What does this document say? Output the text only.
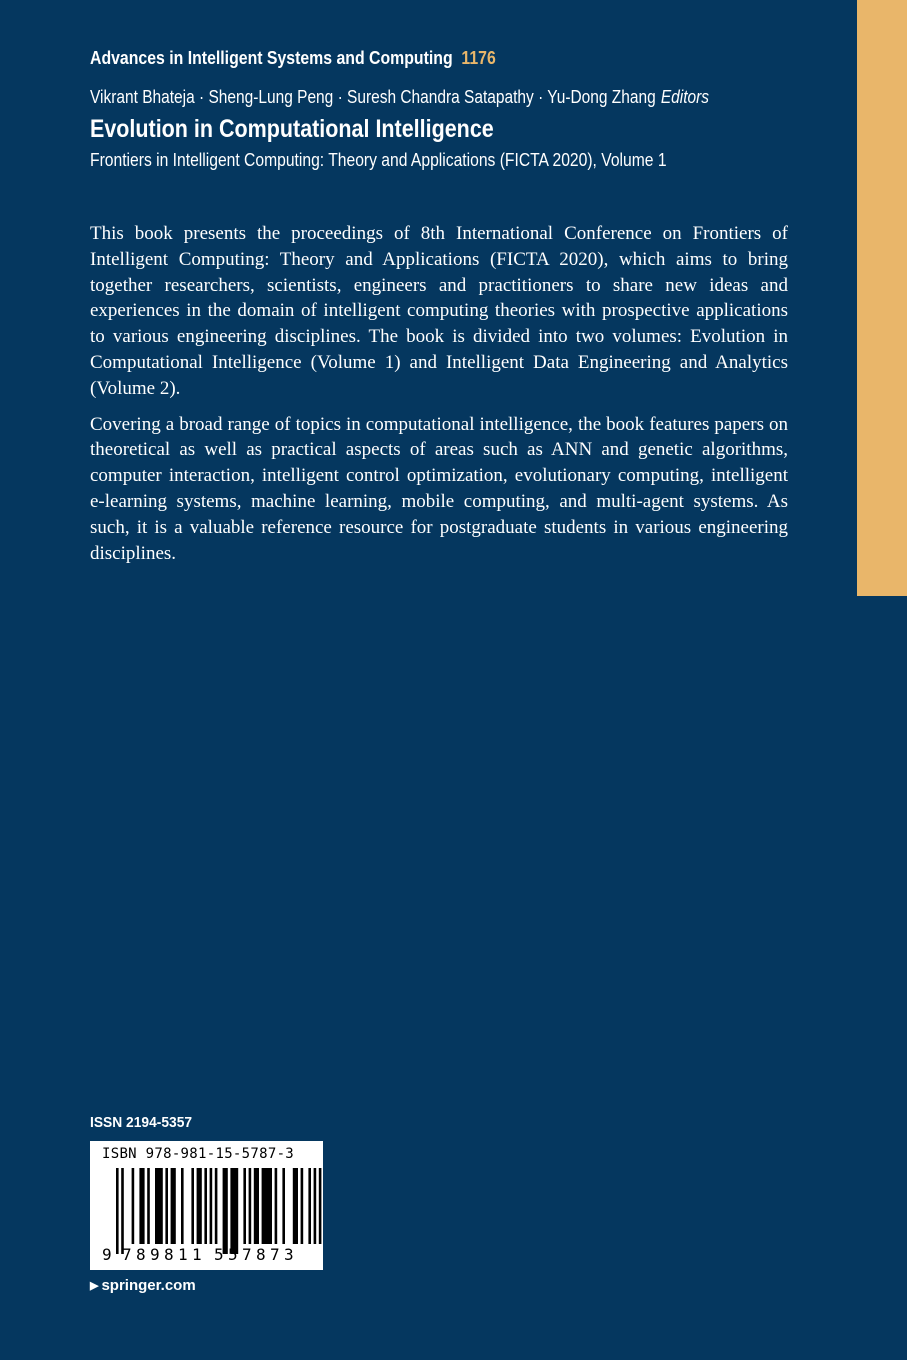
Advances in Intelligent Systems and Computing 1176
Vikrant Bhateja · Sheng-Lung Peng · Suresh Chandra Satapathy · Yu-Dong Zhang Editors
Evolution in Computational Intelligence
Frontiers in Intelligent Computing: Theory and Applications (FICTA 2020), Volume 1

This book presents the proceedings of 8th International Conference on Frontiers of Intelligent Computing: Theory and Applications (FICTA 2020), which aims to bring together researchers, scientists, engineers and practitioners to share new ideas and experiences in the domain of intelligent computing theories with prospective applications to various engineering disciplines. The book is divided into two volumes: Evolution in Computational Intelligence (Volume 1) and Intelligent Data Engineering and Analytics (Volume 2).

Covering a broad range of topics in computational intelligence, the book features papers on theoretical as well as practical aspects of areas such as ANN and genetic algorithms, computer interaction, intelligent control optimization, evolutionary computing, intelligent e-learning systems, machine learning, mobile computing, and multi-agent systems. As such, it is a valuable reference resource for postgraduate students in various engineering disciplines.

ISSN 2194-5357
ISBN 978-981-15-5787-3
9 7 8 9 8 1 1 5 5 7 8 7 3
▶ springer.com
